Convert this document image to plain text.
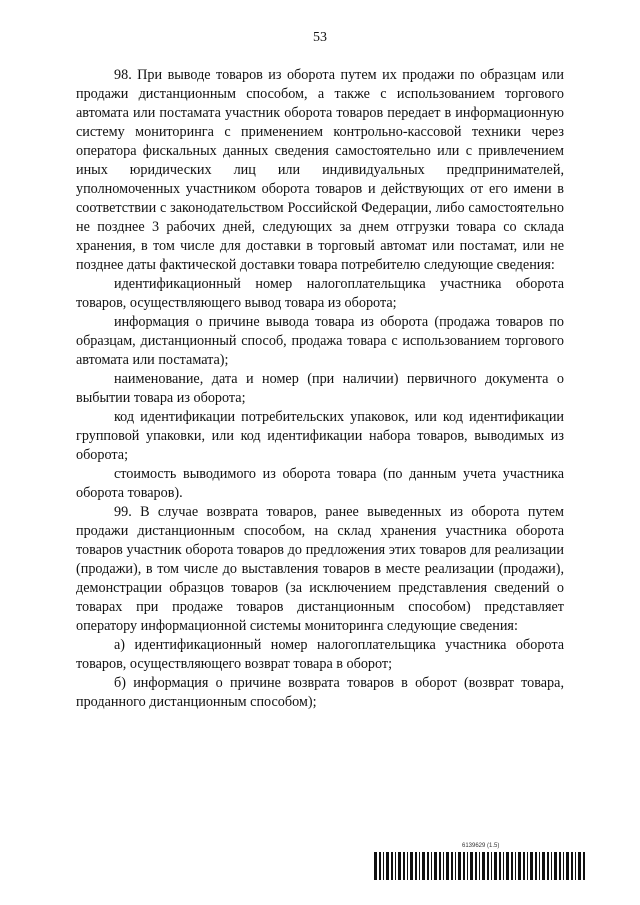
53

98. При выводе товаров из оборота путем их продажи по образцам или продажи дистанционным способом, а также с использованием торгового автомата или постамата участник оборота товаров передает в информационную систему мониторинга с применением контрольно-кассовой техники через оператора фискальных данных сведения самостоятельно или с привлечением иных юридических лиц или индивидуальных предпринимателей, уполномоченных участником оборота товаров и действующих от его имени в соответствии с законодательством Российской Федерации, либо самостоятельно не позднее 3 рабочих дней, следующих за днем отгрузки товара со склада хранения, в том числе для доставки в торговый автомат или постамат, или не позднее даты фактической доставки товара потребителю следующие сведения:

идентификационный номер налогоплательщика участника оборота товаров, осуществляющего вывод товара из оборота;

информация о причине вывода товара из оборота (продажа товаров по образцам, дистанционный способ, продажа товара с использованием торгового автомата или постамата);

наименование, дата и номер (при наличии) первичного документа о выбытии товара из оборота;

код идентификации потребительских упаковок, или код идентификации групповой упаковки, или код идентификации набора товаров, выводимых из оборота;

стоимость выводимого из оборота товара (по данным учета участника оборота товаров).

99. В случае возврата товаров, ранее выведенных из оборота путем продажи дистанционным способом, на склад хранения участника оборота товаров участник оборота товаров до предложения этих товаров для реализации (продажи), в том числе до выставления товаров в месте реализации (продажи), демонстрации образцов товаров (за исключением представления сведений о товарах при продаже товаров дистанционным способом) представляет оператору информационной системы мониторинга следующие сведения:

а) идентификационный номер налогоплательщика участника оборота товаров, осуществляющего возврат товара в оборот;

б) информация о причине возврата товаров в оборот (возврат товара, проданного дистанционным способом);

6139629 (1.5)
